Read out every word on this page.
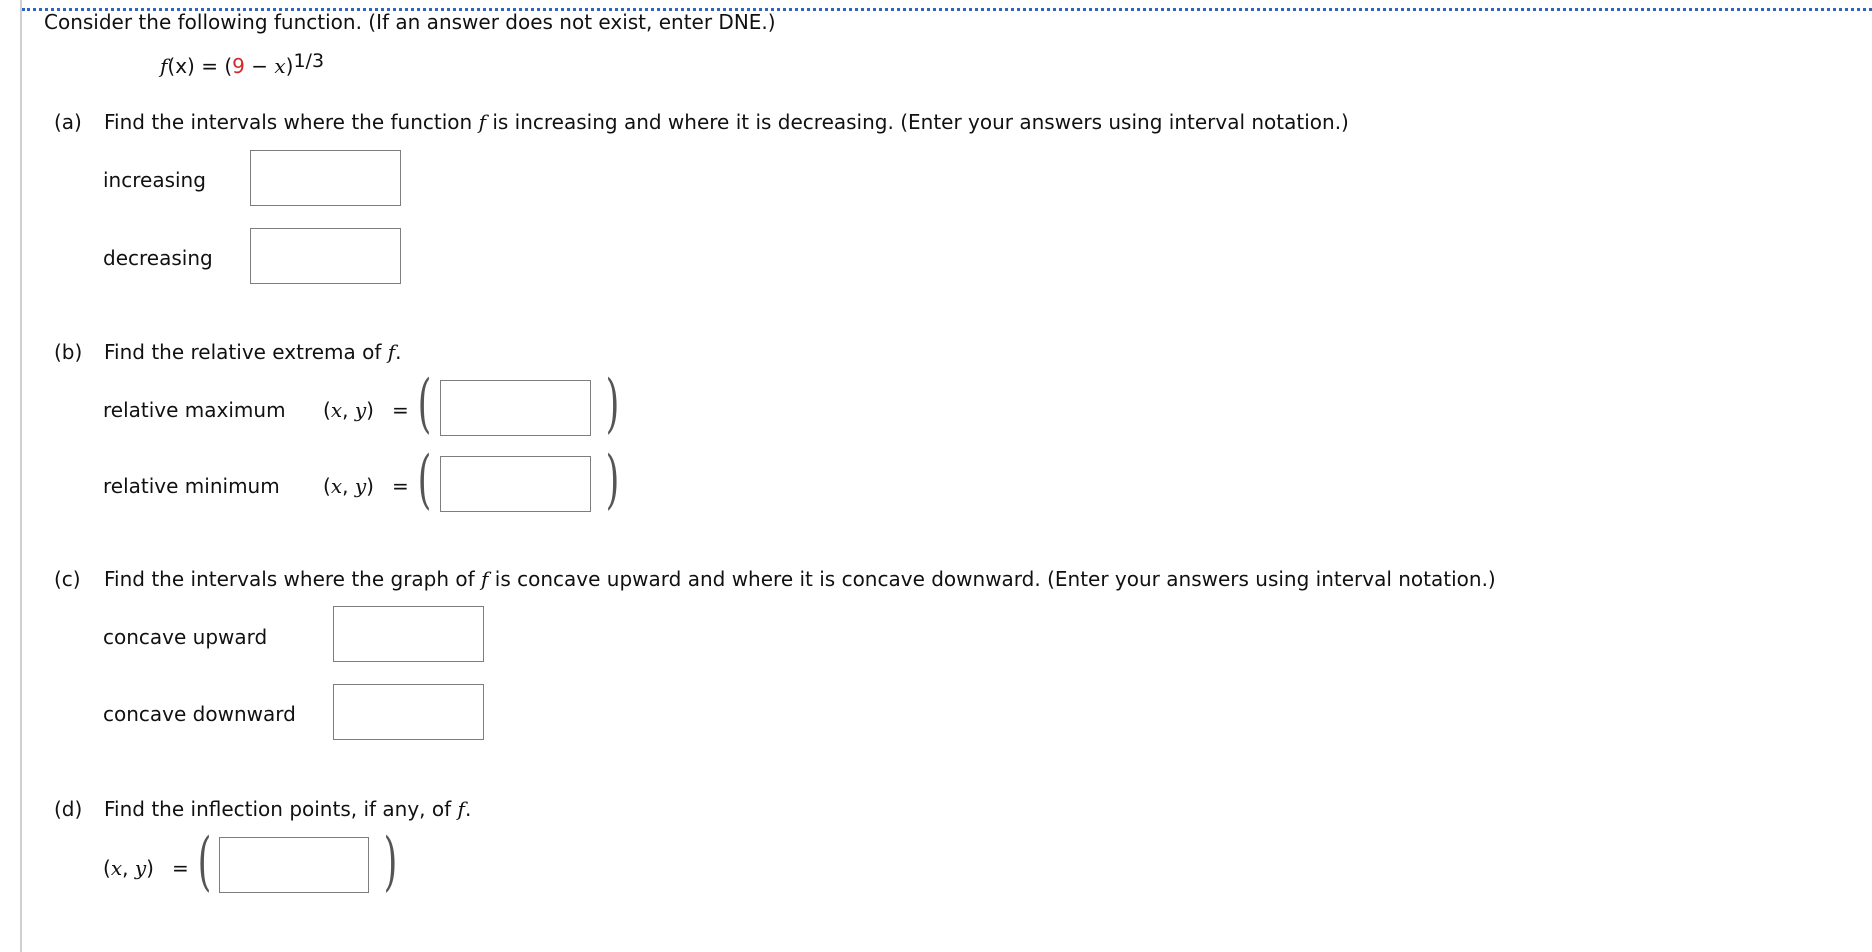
Consider the following function. (If an answer does not exist, enter DNE.)
$f(x) = (9 - x)^{1/3}$
(a) Find the intervals where the function f is increasing and where it is decreasing. (Enter your answers using interval notation.)
increasing
decreasing
(b) Find the relative extrema of f.
relative maximum (x, y) = (	)
relative minimum (x, y) = (	)
(c) Find the intervals where the graph of f is concave upward and where it is concave downward. (Enter your answers using interval notation.)
concave upward
concave downward
(d) Find the inflection points, if any, of f.
(x, y) = (	)
